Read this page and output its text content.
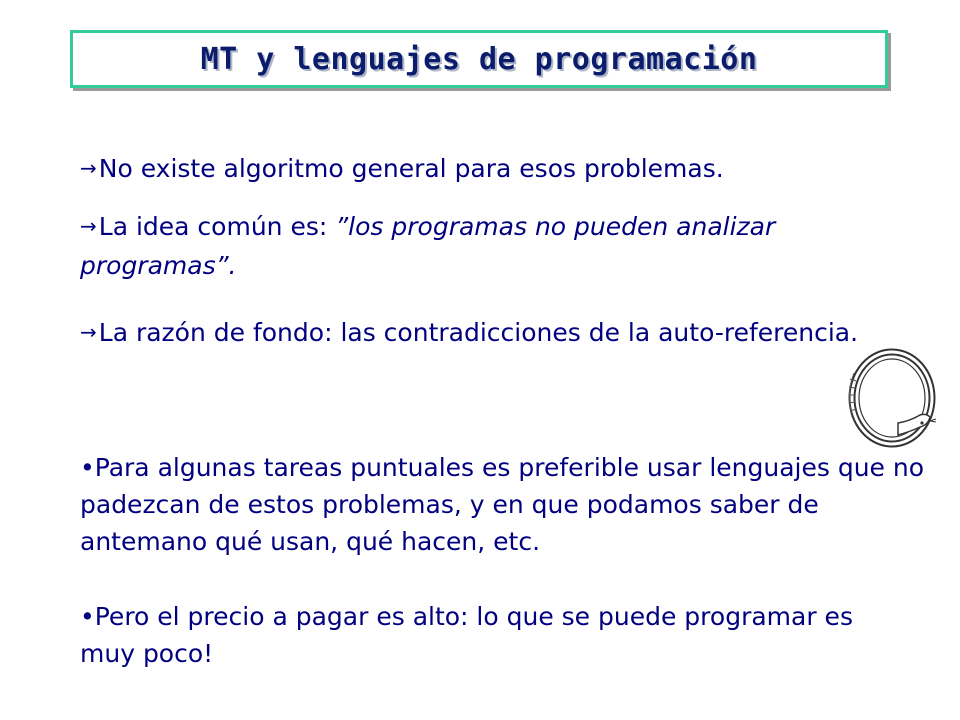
MT y lenguajes de programación

→No existe algoritmo general para esos problemas.

→La idea común es: ”los programas no pueden analizar programas”.

→La razón de fondo: las contradicciones de la auto-referencia.

•Para algunas tareas puntuales es preferible usar lenguajes que no padezcan de estos problemas, y en que podamos saber de antemano qué usan, qué hacen, etc.

•Pero el precio a pagar es alto: lo que se puede programar es muy poco!
